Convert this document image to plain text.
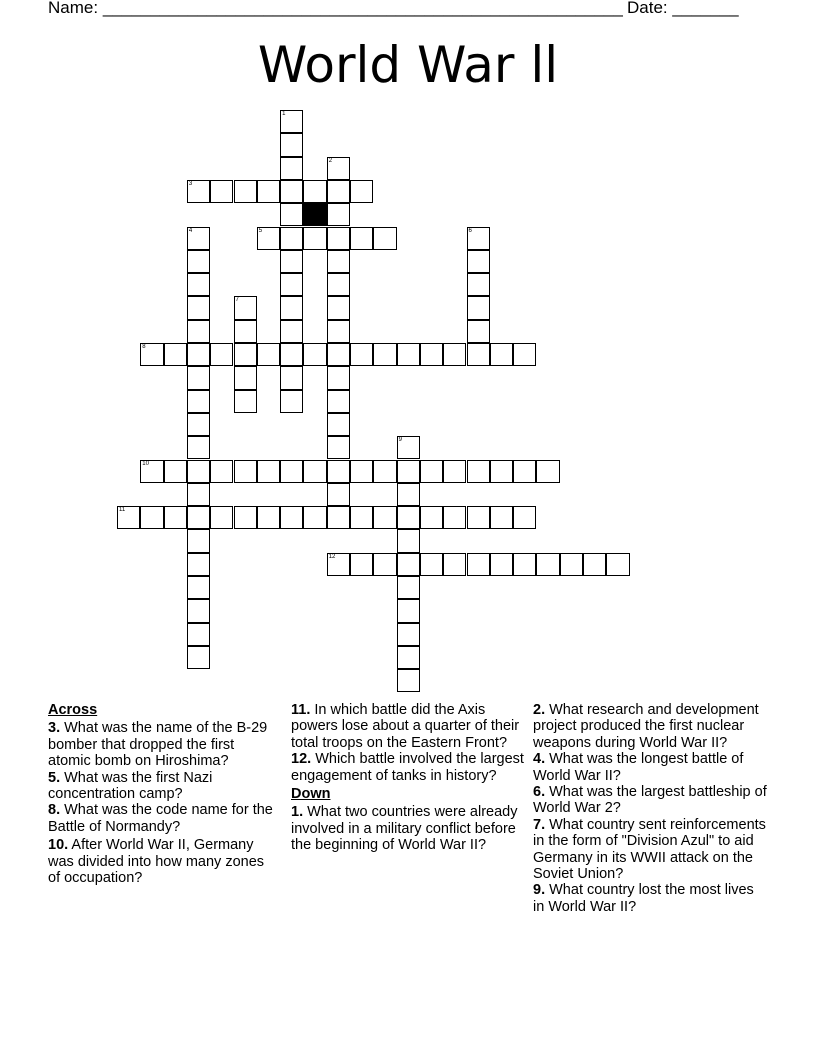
Name: _______________________________________________________ Date: _______
World War ll
1
2
3
4	5	6
7
8
9
10
11
12
Across
3. What was the name of the B-29 bomber that dropped the first atomic bomb on Hiroshima?
5. What was the first Nazi concentration camp?
8. What was the code name for the Battle of Normandy?
10. After World War II, Germany was divided into how many zones of occupation?
11. In which battle did the Axis powers lose about a quarter of their total troops on the Eastern Front?
12. Which battle involved the largest engagement of tanks in history?
Down
1. What two countries were already involved in a military conflict before the beginning of World War II?
2. What research and development project produced the first nuclear weapons during World War II?
4. What was the longest battle of World War II?
6. What was the largest battleship of World War 2?
7. What country sent reinforcements in the form of "Division Azul" to aid Germany in its WWII attack on the Soviet Union?
9. What country lost the most lives in World War II?
